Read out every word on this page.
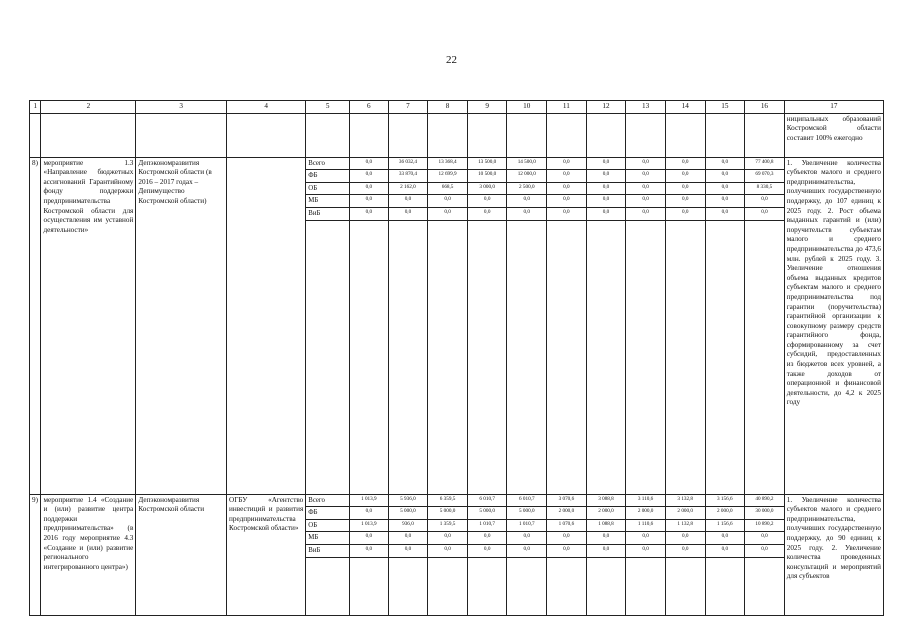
22
1	2	3	4	5	6	7	8	9	10	11	12	13	14	15	16	17
																ниципальных образований Костромской области составит 100% ежегодно
8)	мероприятие 1.3 «Направление бюджетных ассигнований Гарантийному фонду поддержки предпринимательства Костромской области для осуществления им уставной деятельности»	Депэкономразвития Костромской области (в 2016 – 2017 годах – Депимущество Костромской области)		Всего	0,0	36 032,4	13 368,4	13 500,0	14 500,0	0,0	0,0	0,0	0,0	0,0	77 400,8	1. Увеличение количества субъектов малого и среднего предпринимательства, получивших государственную поддержку, до 107 единиц к 2025 году. 2. Рост объема выданных гарантий и (или) поручительств субъектам малого и среднего предпринимательства до 473,6 млн. рублей к 2025 году. 3. Увеличение отношения объема выданных кредитов субъектам малого и среднего предпринимательства под гарантии (поручительства) гарантийной организации к совокупному размеру средств гарантийного фонда, сформированному за счет субсидий, предоставленных из бюджетов всех уровней, а также доходов от операционной и финансовой деятельности, до 4,2 к 2025 году
				ФБ	0,0	33 870,4	12 699,9	10 500,0	12 000,0	0,0	0,0	0,0	0,0	0,0	69 070,3	
				ОБ	0,0	2 162,0	668,5	3 000,0	2 500,0	0,0	0,0	0,0	0,0	0,0	8 330,5	
				МБ	0,0	0,0	0,0	0,0	0,0	0,0	0,0	0,0	0,0	0,0	0,0	
				ВиБ	0,0	0,0	0,0	0,0	0,0	0,0	0,0	0,0	0,0	0,0	0,0	

9)	мероприятие 1.4 «Создание и (или) развитие центра поддержки предпринимательства» (в 2016 году мероприятие 4.3 «Создание и (или) развитие регионального интегрированного центра»)	Депэкономразвития Костромской области	ОГБУ «Агентство инвестиций и развития предпринимательства Костромской области»	Всего	1 013,9	5 936,0	6 359,5	6 010,7	6 010,7	3 070,6	3 088,8	3 110,6	3 132,8	3 156,6	40 890,2	1. Увеличение количества субъектов малого и среднего предпринимательства, получивших государственную поддержку, до 90 единиц к 2025 году. 2. Увеличение количества проведенных консультаций и мероприятий для субъектов
				ФБ	0,0	5 000,0	5 000,0	5 000,0	5 000,0	2 000,0	2 000,0	2 000,0	2 000,0	2 000,0	30 000,0	
				ОБ	1 013,9	936,0	1 359,5	1 010,7	1 010,7	1 070,6	1 088,8	1 110,6	1 132,8	1 156,6	10 890,2	
				МБ	0,0	0,0	0,0	0,0	0,0	0,0	0,0	0,0	0,0	0,0	0,0	
				ВиБ	0,0	0,0	0,0	0,0	0,0	0,0	0,0	0,0	0,0	0,0	0,0	
